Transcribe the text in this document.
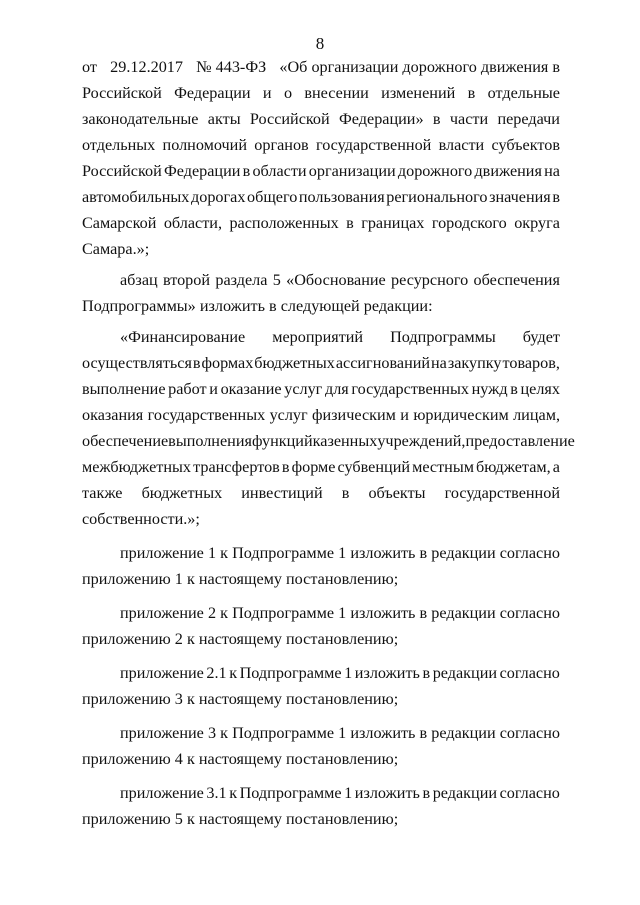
8
от 29.12.2017 № 443-ФЗ «Об организации дорожного движения в
Российской Федерации и о внесении изменений в отдельные
законодательные акты Российской Федерации» в части передачи
отдельных полномочий органов государственной власти субъектов
Российской Федерации в области организации дорожного движения на
автомобильных дорогах общего пользования регионального значения в
Самарской области, расположенных в границах городского округа
Самара.»;
абзац второй раздела 5 «Обоснование ресурсного обеспечения
Подпрограммы»
изложить
в
следующей
редакции:
«Финансирование мероприятий Подпрограммы будет
осуществляться в формах бюджетных ассигнований на закупку товаров,
выполнение работ и оказание услуг для государственных нужд в целях
оказания государственных услуг физическим и юридическим лицам,
обеспечение выполнения функций казенных учреждений, предоставление
межбюджетных трансфертов в форме субвенций местным бюджетам, а
также бюджетных инвестиций в объекты государственной
собственности.»;
приложение 1 к Подпрограмме 1 изложить в редакции согласно
приложению 1 к настоящему постановлению;
приложение 2 к Подпрограмме 1 изложить в редакции согласно
приложению 2 к настоящему постановлению;
приложение 2.1 к Подпрограмме 1 изложить в редакции согласно
приложению 3 к настоящему постановлению;
приложение 3 к Подпрограмме 1 изложить в редакции согласно
приложению 4 к настоящему постановлению;
приложение 3.1 к Подпрограмме 1 изложить в редакции согласно
приложению 5 к настоящему постановлению;
